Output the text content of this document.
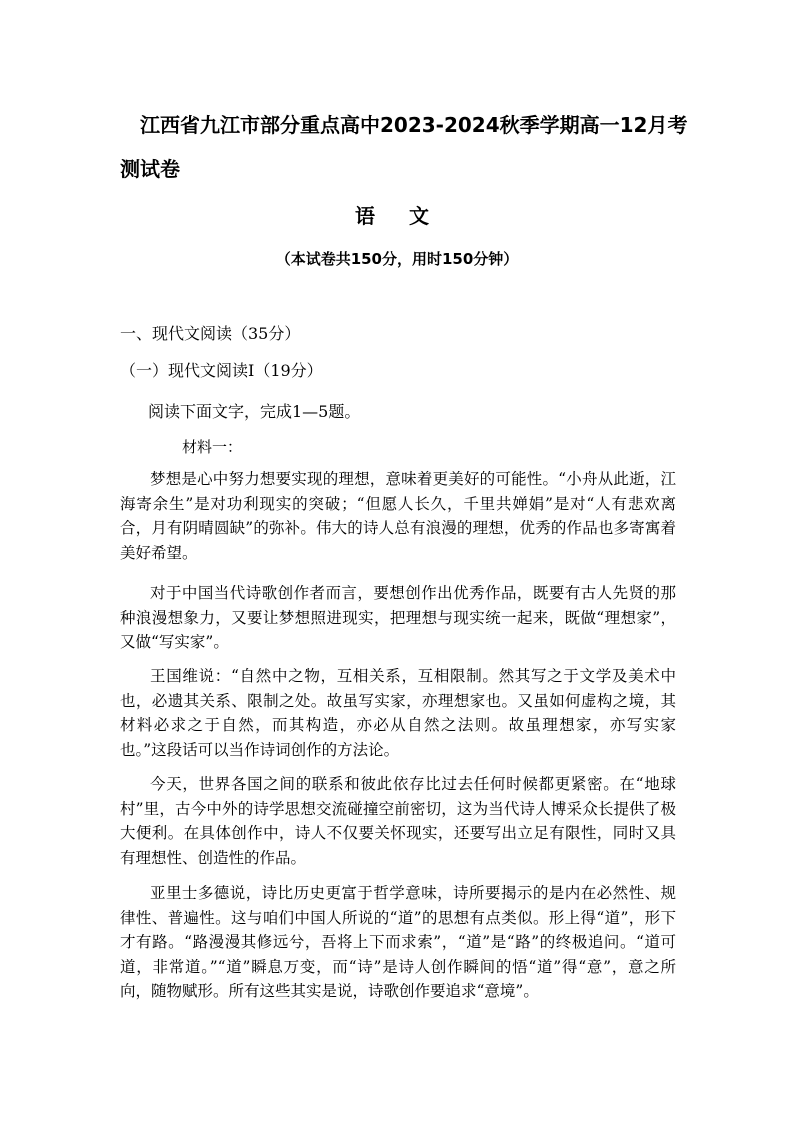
江西省九江市部分重点高中2023-2024秋季学期高一12月考测试卷
语文
（本试卷共150分，用时150分钟）
一、现代文阅读（35分）
（一）现代文阅读Ⅰ（19分）
阅读下面文字，完成1—5题。
材料一：

梦想是心中努力想要实现的理想，意味着更美好的可能性。“小舟从此逝，江海寄余生”是对功利现实的突破；“但愿人长久，千里共婵娟”是对“人有悲欢离合，月有阴晴圆缺”的弥补。伟大的诗人总有浪漫的理想，优秀的作品也多寄寓着美好希望。

对于中国当代诗歌创作者而言，要想创作出优秀作品，既要有古人先贤的那种浪漫想象力，又要让梦想照进现实，把理想与现实统一起来，既做“理想家”，又做“写实家”。

王国维说：“自然中之物，互相关系，互相限制。然其写之于文学及美术中也，必遗其关系、限制之处。故虽写实家，亦理想家也。又虽如何虚构之境，其材料必求之于自然，而其构造，亦必从自然之法则。故虽理想家，亦写实家也。”这段话可以当作诗词创作的方法论。

今天，世界各国之间的联系和彼此依存比过去任何时候都更紧密。在“地球村”里，古今中外的诗学思想交流碰撞空前密切，这为当代诗人博采众长提供了极大便利。在具体创作中，诗人不仅要关怀现实，还要写出立足有限性，同时又具有理想性、创造性的作品。

亚里士多德说，诗比历史更富于哲学意味，诗所要揭示的是内在必然性、规律性、普遍性。这与咱们中国人所说的“道”的思想有点类似。形上得“道”，形下才有路。“路漫漫其修远兮，吾将上下而求索”，“道”是“路”的终极追问。“道可道，非常道。”“道”瞬息万变，而“诗”是诗人创作瞬间的悟“道”得“意”，意之所向，随物赋形。所有这些其实是说，诗歌创作要追求“意境”。
